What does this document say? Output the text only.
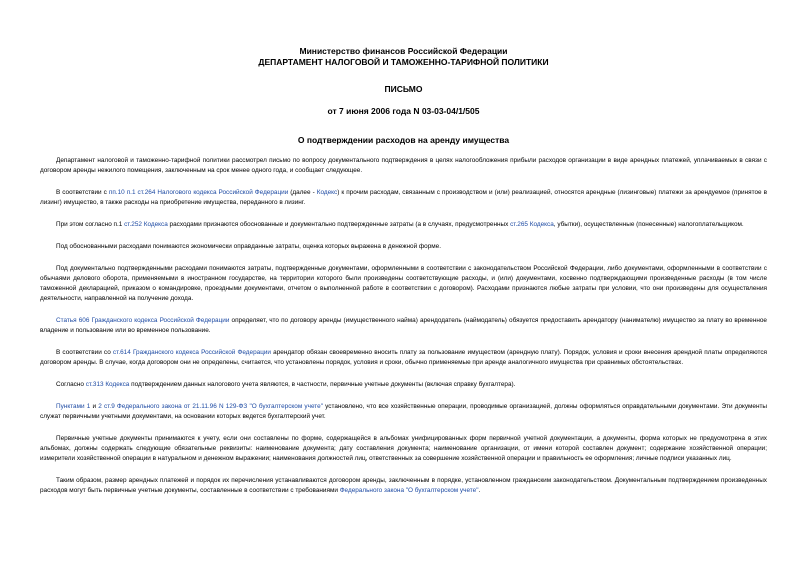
Министерство финансов Российской Федерации
ДЕПАРТАМЕНТ НАЛОГОВОЙ И ТАМОЖЕННО-ТАРИФНОЙ ПОЛИТИКИ
ПИСЬМО
от 7 июня 2006 года N 03-03-04/1/505
О подтверждении расходов на аренду имущества

Департамент налоговой и таможенно-тарифной политики рассмотрел письмо по вопросу документального подтверждения в целях налогообложения прибыли расходов организации в виде арендных платежей, уплачиваемых в связи с договором аренды нежилого помещения, заключенным на срок менее одного года, и сообщает следующее.

В соответствии с пп.10 п.1 ст.264 Налогового кодекса Российской Федерации (далее - Кодекс) к прочим расходам, связанным с производством и (или) реализацией, относятся арендные (лизинговые) платежи за арендуемое (принятое в лизинг) имущество, в также расходы на приобретение имущества, переданного в лизинг.

При этом согласно п.1 ст.252 Кодекса расходами признаются обоснованные и документально подтвержденные затраты (а в случаях, предусмотренных ст.265 Кодекса, убытки), осуществленные (понесенные) налогоплательщиком.

Под обоснованными расходами понимаются экономически оправданные затраты, оценка которых выражена в денежной форме.

Под документально подтвержденными расходами понимаются затраты, подтвержденные документами, оформленными в соответствии с законодательством Российской Федерации, либо документами, оформленными в соответствии с обычаями делового оборота, применяемыми в иностранном государстве, на территории которого были произведены соответствующие расходы, и (или) документами, косвенно подтверждающими произведенные расходы (в том числе таможенной декларацией, приказом о командировке, проездными документами, отчетом о выполненной работе в соответствии с договором). Расходами признаются любые затраты при условии, что они произведены для осуществления деятельности, направленной на получение дохода.

Статья 606 Гражданского кодекса Российской Федерации определяет, что по договору аренды (имущественного найма) арендодатель (наймодатель) обязуется предоставить арендатору (нанимателю) имущество за плату во временное владение и пользование или во временное пользование.

В соответствии со ст.614 Гражданского кодекса Российской Федерации арендатор обязан своевременно вносить плату за пользование имуществом (арендную плату). Порядок, условия и сроки внесения арендной платы определяются договором аренды. В случае, когда договором они не определены, считается, что установлены порядок, условия и сроки, обычно применяемые при аренде аналогичного имущества при сравнимых обстоятельствах.

Согласно ст.313 Кодекса подтверждением данных налогового учета являются, в частности, первичные учетные документы (включая справку бухгалтера).

Пунктами 1 и 2 ст.9 Федерального закона от 21.11.96 N 129-ФЗ "О бухгалтерском учете" установлено, что все хозяйственные операции, проводимые организацией, должны оформляться оправдательными документами. Эти документы служат первичными учетными документами, на основании которых ведется бухгалтерский учет.

Первичные учетные документы принимаются к учету, если они составлены по форме, содержащейся в альбомах унифицированных форм первичной учетной документации, а документы, форма которых не предусмотрена в этих альбомах, должны содержать следующие обязательные реквизиты: наименование документа; дату составления документа; наименование организации, от имени которой составлен документ; содержание хозяйственной операции; измерители хозяйственной операции в натуральном и денежном выражении; наименования должностей лиц, ответственных за совершение хозяйственной операции и правильность ее оформления; личные подписи указанных лиц.

Таким образом, размер арендных платежей и порядок их перечисления устанавливаются договором аренды, заключенным в порядке, установленном гражданским законодательством. Документальным подтверждением произведенных расходов могут быть первичные учетные документы, составленные в соответствии с требованиями Федерального закона "О бухгалтерском учете".
